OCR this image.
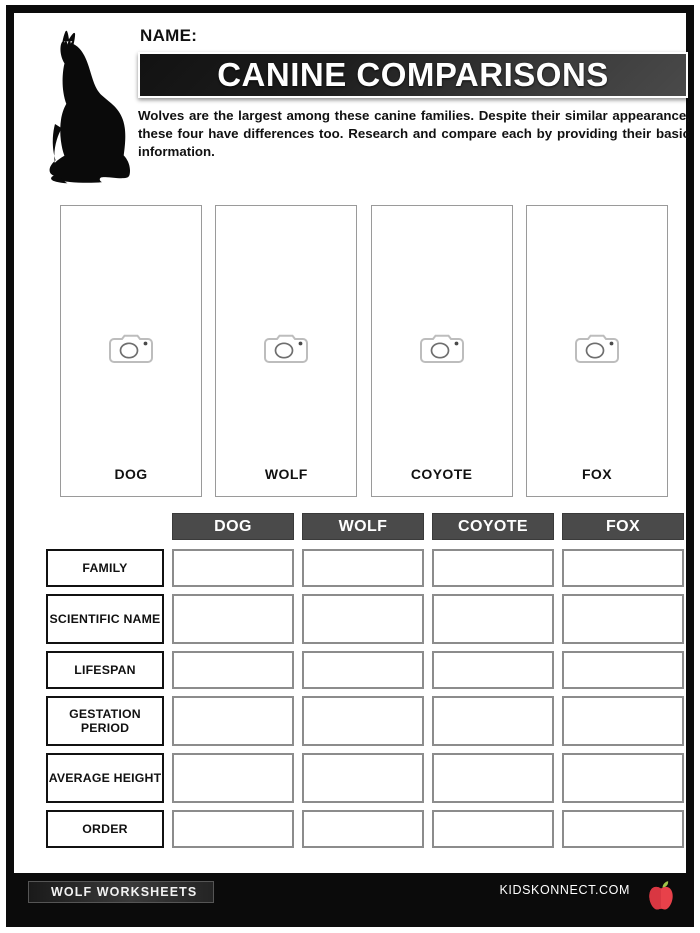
NAME:
CANINE COMPARISONS
Wolves are the largest among these canine families. Despite their similar appearance, these four have differences too. Research and compare each by providing their basic information.
DOG	WOLF	COYOTE	FOX
DOG	WOLF	COYOTE	FOX
FAMILY
SCIENTIFIC NAME
LIFESPAN
GESTATION PERIOD
AVERAGE HEIGHT
ORDER
WOLF WORKSHEETS	KIDSKONNECT.COM
